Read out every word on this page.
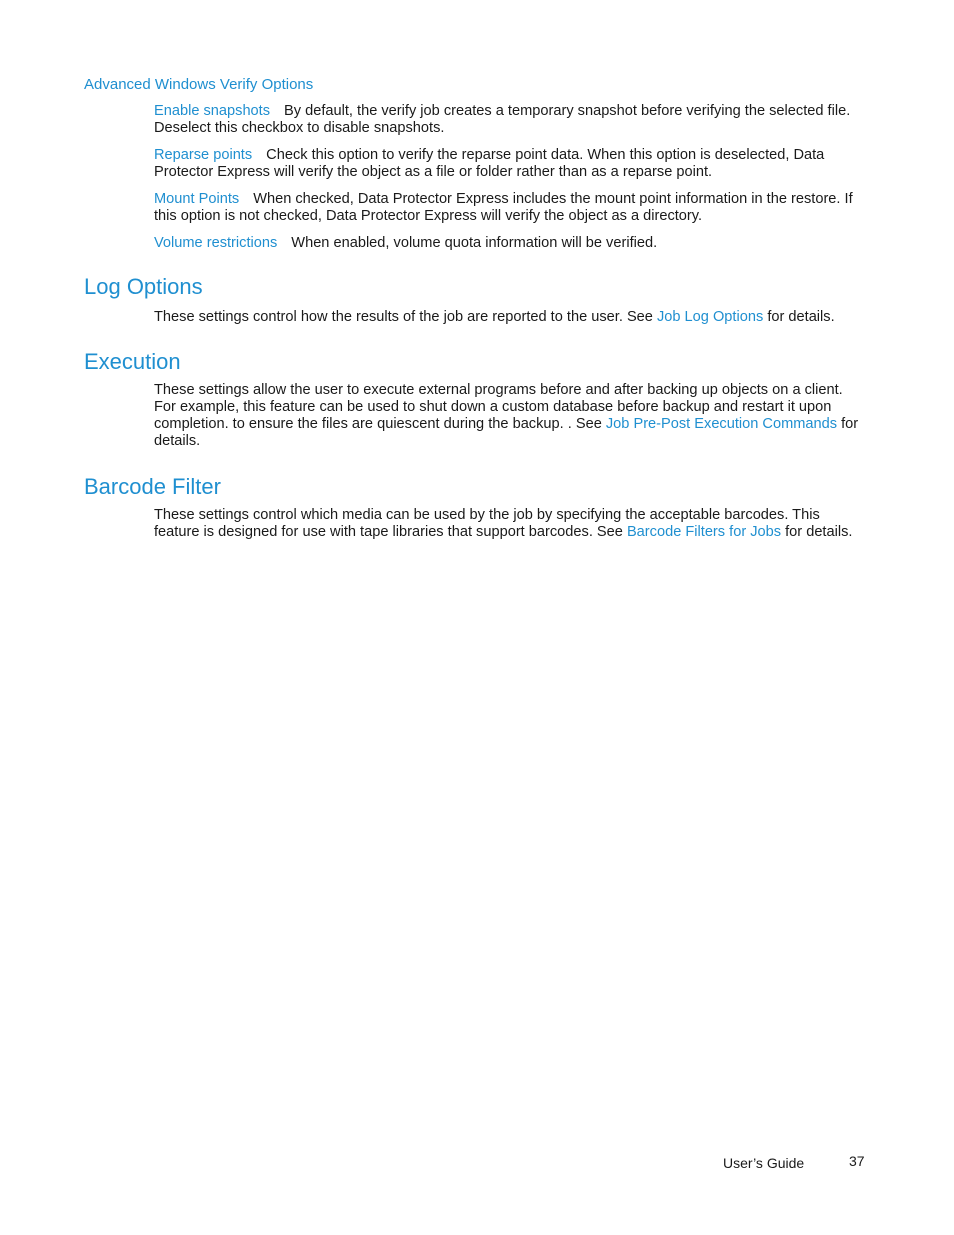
Advanced Windows Verify Options

Enable snapshots By default, the verify job creates a temporary snapshot before verifying the selected file. Deselect this checkbox to disable snapshots.

Reparse points Check this option to verify the reparse point data. When this option is deselected, Data Protector Express will verify the object as a file or folder rather than as a reparse point.

Mount Points When checked, Data Protector Express includes the mount point information in the restore. If this option is not checked, Data Protector Express will verify the object as a directory.

Volume restrictions When enabled, volume quota information will be verified.

Log Options

These settings control how the results of the job are reported to the user. See Job Log Options for details.

Execution

These settings allow the user to execute external programs before and after backing up objects on a client. For example, this feature can be used to shut down a custom database before backup and restart it upon completion. to ensure the files are quiescent during the backup. . See Job Pre-Post Execution Commands for details.

Barcode Filter

These settings control which media can be used by the job by specifying the acceptable barcodes. This feature is designed for use with tape libraries that support barcodes. See Barcode Filters for Jobs for details.

User’s Guide	37
